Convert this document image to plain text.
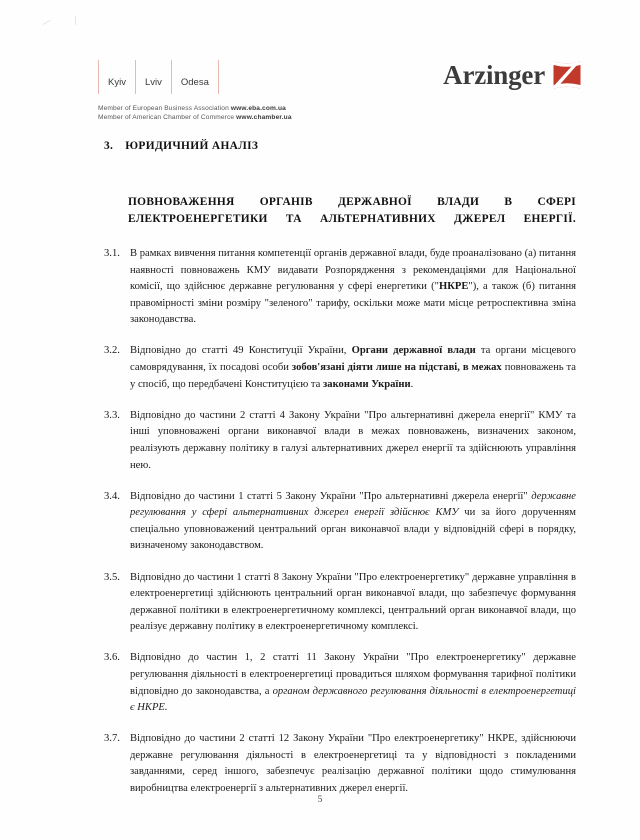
Kyiv	Lviv	Odesa
Member of European Business Association www.eba.com.ua
Member of American Chamber of Commerce www.chamber.ua
Arzinger
3. ЮРИДИЧНИЙ АНАЛІЗ
ПОВНОВАЖЕННЯ ОРГАНІВ ДЕРЖАВНОЇ ВЛАДИ В СФЕРІ ЕЛЕКТРОЕНЕРГЕТИКИ ТА АЛЬТЕРНАТИВНИХ ДЖЕРЕЛ ЕНЕРГІЇ.
3.1. В рамках вивчення питання компетенції органів державної влади, буде проаналізовано (а) питання наявності повноважень КМУ видавати Розпорядження з рекомендаціями для Національної комісії, що здійснює державне регулювання у сфері енергетики ("НКРЕ"), а також (б) питання правомірності зміни розміру "зеленого" тарифу, оскільки може мати місце ретроспективна зміна законодавства.
3.2. Відповідно до статті 49 Конституції України, Органи державної влади та органи місцевого самоврядування, їх посадові особи зобов'язані діяти лише на підставі, в межах повноважень та у спосіб, що передбачені Конституцією та законами України.
3.3. Відповідно до частини 2 статті 4 Закону України "Про альтернативні джерела енергії" КМУ та інші уповноважені органи виконавчої влади в межах повноважень, визначених законом, реалізують державну політику в галузі альтернативних джерел енергії та здійснюють управління нею.
3.4. Відповідно до частини 1 статті 5 Закону України "Про альтернативні джерела енергії" державне регулювання у сфері альтернативних джерел енергії здійснює КМУ чи за його дорученням спеціально уповноважений центральний орган виконавчої влади у відповідній сфері в порядку, визначеному законодавством.
3.5. Відповідно до частини 1 статті 8 Закону України "Про електроенергетику" державне управління в електроенергетиці здійснюють центральний орган виконавчої влади, що забезпечує формування державної політики в електроенергетичному комплексі, центральний орган виконавчої влади, що реалізує державну політику в електроенергетичному комплексі.
3.6. Відповідно до частин 1, 2 статті 11 Закону України "Про електроенергетику" державне регулювання діяльності в електроенергетиці провадиться шляхом формування тарифної політики відповідно до законодавства, а органом державного регулювання діяльності в електроенергетиці є НКРЕ.
3.7. Відповідно до частини 2 статті 12 Закону України "Про електроенергетику" НКРЕ, здійснюючи державне регулювання діяльності в електроенергетиці та у відповідності з покладеними завданнями, серед іншого, забезпечує реалізацію державної політики щодо стимулювання виробництва електроенергії з альтернативних джерел енергії.
5
